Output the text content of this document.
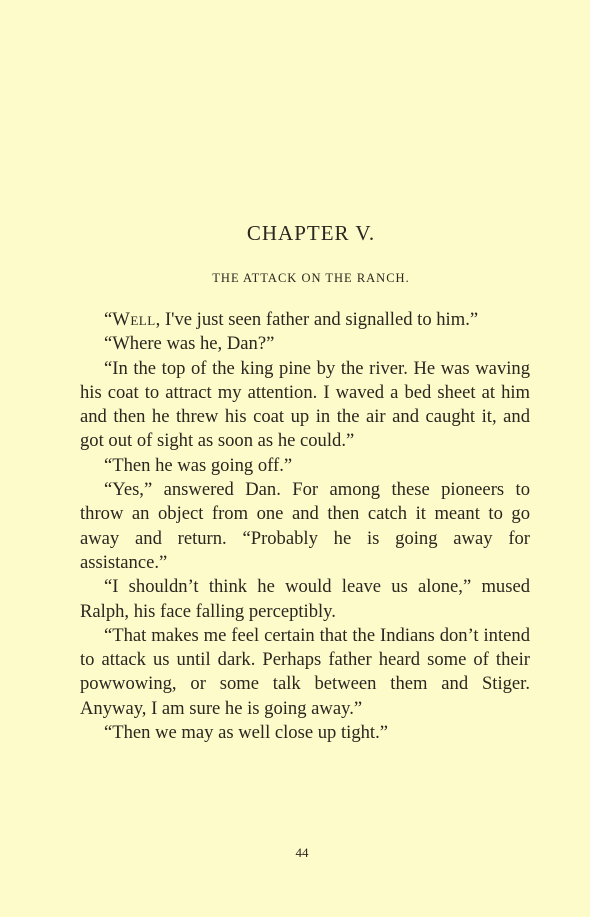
CHAPTER V.
THE ATTACK ON THE RANCH.

“Well, I've just seen father and signalled to him.”

“Where was he, Dan?”

“In the top of the king pine by the river. He was waving his coat to attract my attention. I waved a bed sheet at him and then he threw his coat up in the air and caught it, and got out of sight as soon as he could.”

“Then he was going off.”

“Yes,” answered Dan. For among these pioneers to throw an object from one and then catch it meant to go away and return. “Probably he is going away for assistance.”

“I shouldn’t think he would leave us alone,” mused Ralph, his face falling perceptibly.

“That makes me feel certain that the Indians don’t intend to attack us until dark. Perhaps father heard some of their powwowing, or some talk between them and Stiger. Anyway, I am sure he is going away.”

“Then we may as well close up tight.”

44
